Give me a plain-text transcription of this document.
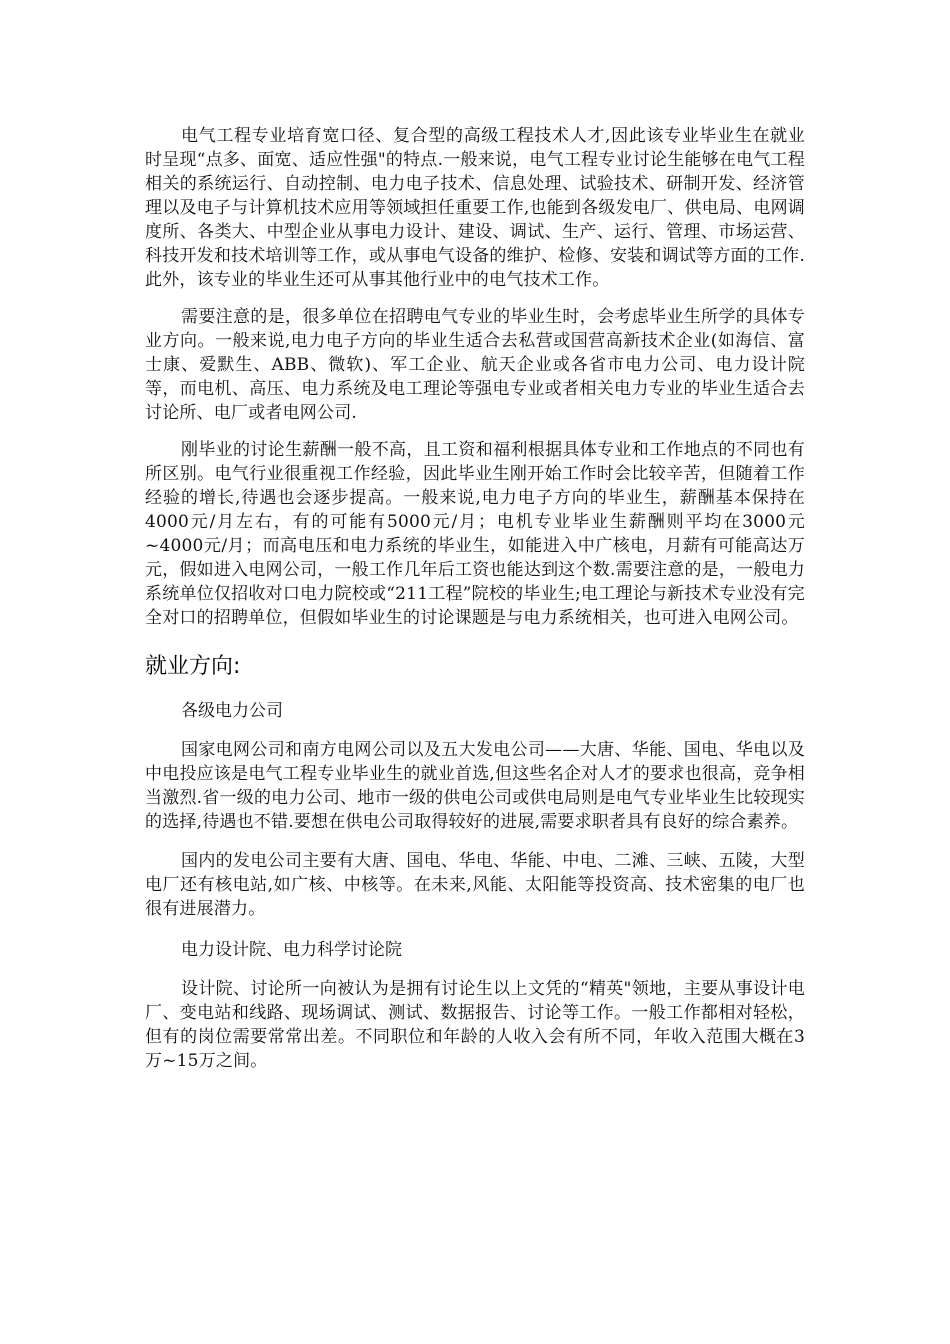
电气工程专业培育宽口径、复合型的高级工程技术人才,因此该专业毕业生在就业时呈现“点多、面宽、适应性强"的特点.一般来说，电气工程专业讨论生能够在电气工程相关的系统运行、自动控制、电力电子技术、信息处理、试验技术、研制开发、经济管理以及电子与计算机技术应用等领域担任重要工作,也能到各级发电厂、供电局、电网调度所、各类大、中型企业从事电力设计、建设、调试、生产、运行、管理、市场运营、科技开发和技术培训等工作，或从事电气设备的维护、检修、安装和调试等方面的工作.此外，该专业的毕业生还可从事其他行业中的电气技术工作。

需要注意的是，很多单位在招聘电气专业的毕业生时，会考虑毕业生所学的具体专业方向。一般来说,电力电子方向的毕业生适合去私营或国营高新技术企业(如海信、富士康、爱默生、ABB、微软)、军工企业、航天企业或各省市电力公司、电力设计院等，而电机、高压、电力系统及电工理论等强电专业或者相关电力专业的毕业生适合去讨论所、电厂或者电网公司.

刚毕业的讨论生薪酬一般不高，且工资和福利根据具体专业和工作地点的不同也有所区别。电气行业很重视工作经验，因此毕业生刚开始工作时会比较辛苦，但随着工作经验的增长,待遇也会逐步提高。一般来说,电力电子方向的毕业生，薪酬基本保持在4000元/月左右，有的可能有5000元/月；电机专业毕业生薪酬则平均在3000元~4000元/月；而高电压和电力系统的毕业生，如能进入中广核电，月薪有可能高达万元，假如进入电网公司，一般工作几年后工资也能达到这个数.需要注意的是，一般电力系统单位仅招收对口电力院校或“211工程”院校的毕业生;电工理论与新技术专业没有完全对口的招聘单位，但假如毕业生的讨论课题是与电力系统相关，也可进入电网公司。

就业方向:

各级电力公司

国家电网公司和南方电网公司以及五大发电公司——大唐、华能、国电、华电以及中电投应该是电气工程专业毕业生的就业首选,但这些名企对人才的要求也很高，竞争相当激烈.省一级的电力公司、地市一级的供电公司或供电局则是电气专业毕业生比较现实的选择,待遇也不错.要想在供电公司取得较好的进展,需要求职者具有良好的综合素养。

国内的发电公司主要有大唐、国电、华电、华能、中电、二滩、三峡、五陵，大型电厂还有核电站,如广核、中核等。在未来,风能、太阳能等投资高、技术密集的电厂也很有进展潜力。

电力设计院、电力科学讨论院

设计院、讨论所一向被认为是拥有讨论生以上文凭的“精英"领地，主要从事设计电厂、变电站和线路、现场调试、测试、数据报告、讨论等工作。一般工作都相对轻松，但有的岗位需要常常出差。不同职位和年龄的人收入会有所不同，年收入范围大概在3万~15万之间。
